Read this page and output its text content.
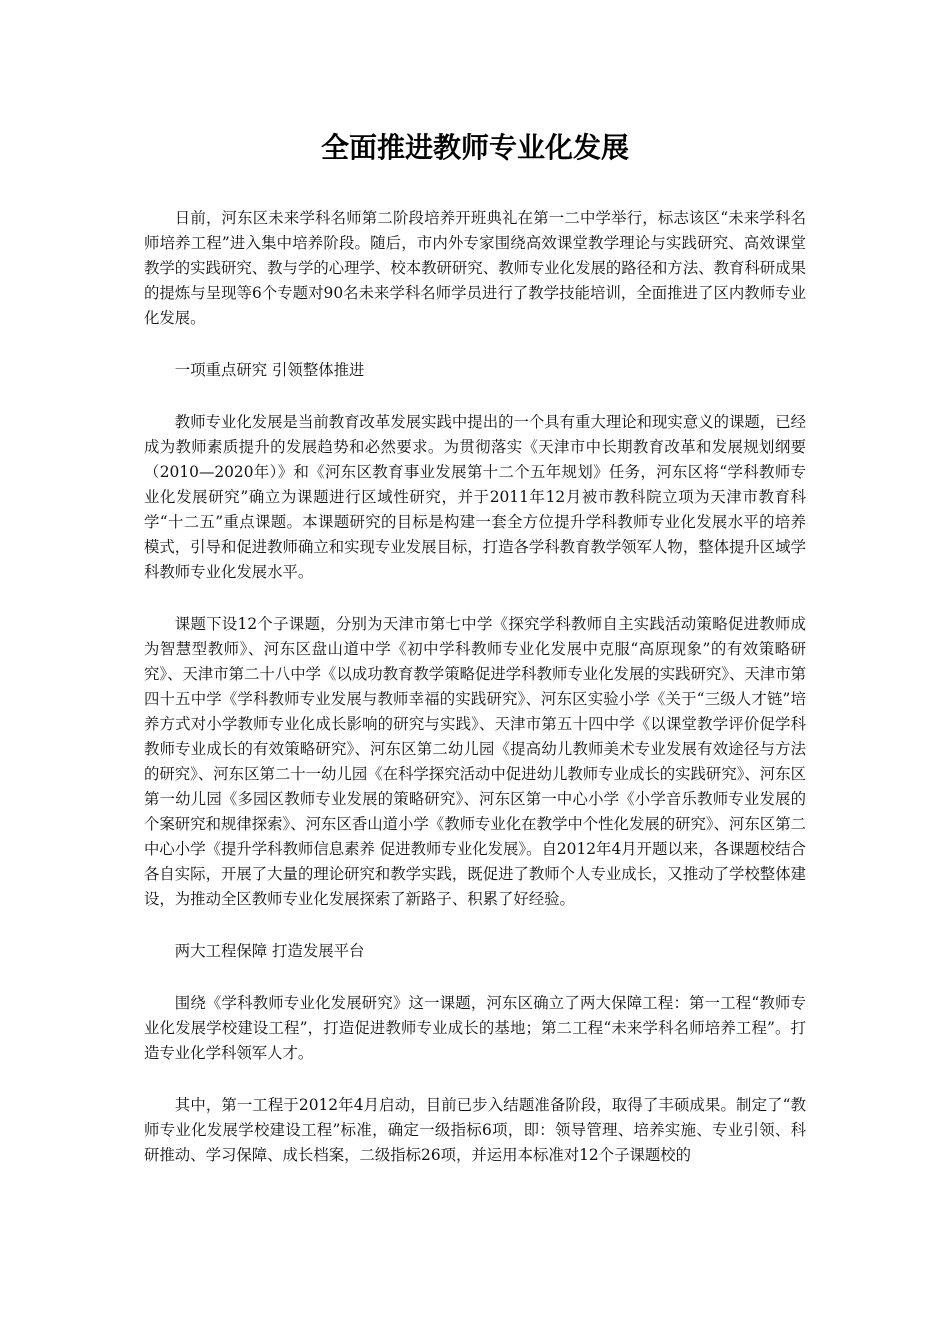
全面推进教师专业化发展

日前，河东区未来学科名师第二阶段培养开班典礼在第一二中学举行，标志该区“未来学科名师培养工程”进入集中培养阶段。随后，市内外专家围绕高效课堂教学理论与实践研究、高效课堂教学的实践研究、教与学的心理学、校本教研研究、教师专业化发展的路径和方法、教育科研成果的提炼与呈现等6个专题对90名未来学科名师学员进行了教学技能培训，全面推进了区内教师专业化发展。

一项重点研究 引领整体推进

教师专业化发展是当前教育改革发展实践中提出的一个具有重大理论和现实意义的课题，已经成为教师素质提升的发展趋势和必然要求。为贯彻落实《天津市中长期教育改革和发展规划纲要（2010—2020年）》和《河东区教育事业发展第十二个五年规划》任务，河东区将“学科教师专业化发展研究”确立为课题进行区域性研究，并于2011年12月被市教科院立项为天津市教育科学“十二五”重点课题。本课题研究的目标是构建一套全方位提升学科教师专业化发展水平的培养模式，引导和促进教师确立和实现专业发展目标，打造各学科教育教学领军人物，整体提升区域学科教师专业化发展水平。

课题下设12个子课题，分别为天津市第七中学《探究学科教师自主实践活动策略促进教师成为智慧型教师》、河东区盘山道中学《初中学科教师专业化发展中克服“高原现象”的有效策略研究》、天津市第二十八中学《以成功教育教学策略促进学科教师专业化发展的实践研究》、天津市第四十五中学《学科教师专业发展与教师幸福的实践研究》、河东区实验小学《关于“三级人才链”培养方式对小学教师专业化成长影响的研究与实践》、天津市第五十四中学《以课堂教学评价促学科教师专业成长的有效策略研究》、河东区第二幼儿园《提高幼儿教师美术专业发展有效途径与方法的研究》、河东区第二十一幼儿园《在科学探究活动中促进幼儿教师专业成长的实践研究》、河东区第一幼儿园《多园区教师专业发展的策略研究》、河东区第一中心小学《小学音乐教师专业发展的个案研究和规律探索》、河东区香山道小学《教师专业化在教学中个性化发展的研究》、河东区第二中心小学《提升学科教师信息素养 促进教师专业化发展》。自2012年4月开题以来，各课题校结合各自实际，开展了大量的理论研究和教学实践，既促进了教师个人专业成长，又推动了学校整体建设，为推动全区教师专业化发展探索了新路子、积累了好经验。

两大工程保障 打造发展平台

围绕《学科教师专业化发展研究》这一课题，河东区确立了两大保障工程：第一工程“教师专业化发展学校建设工程”，打造促进教师专业成长的基地；第二工程“未来学科名师培养工程”。打造专业化学科领军人才。

其中，第一工程于2012年4月启动，目前已步入结题准备阶段，取得了丰硕成果。制定了“教师专业化发展学校建设工程”标准，确定一级指标6项，即：领导管理、培养实施、专业引领、科研推动、学习保障、成长档案，二级指标26项，并运用本标准对12个子课题校的
